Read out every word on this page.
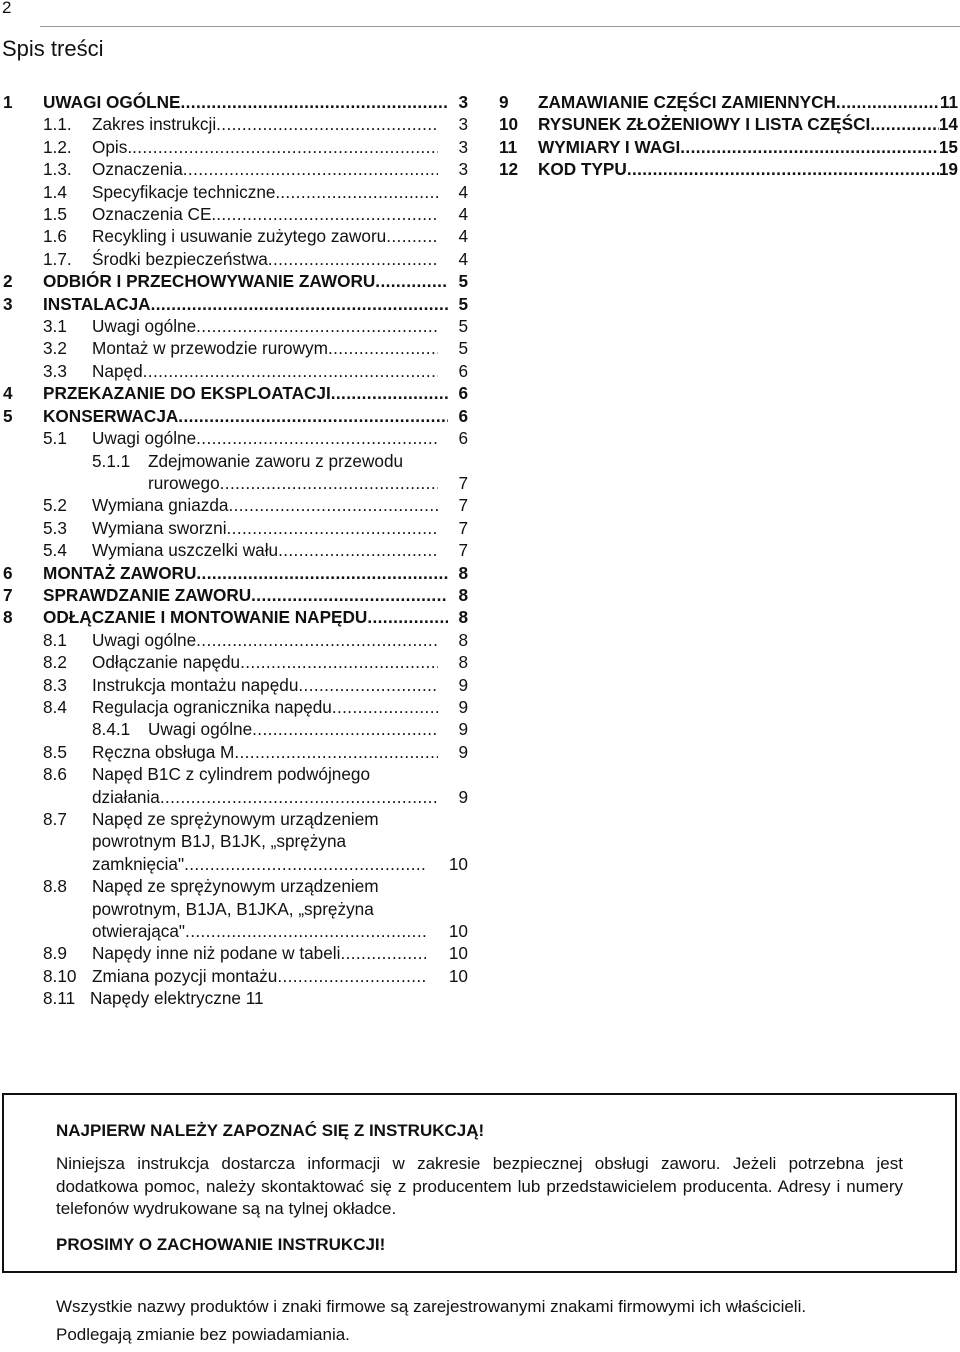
2
Spis treści
1	UWAGI OGÓLNE . . .	3
1.1.	Zakres instrukcji . . .	3
1.2.	Opis. . . .	3
1.3.	Oznaczenia . . .	3
1.4	Specyfikacje techniczne. . . .	4
1.5	Oznaczenia CE. . . .	4
1.6	Recykling i usuwanie zużytego zaworu . . .	4
1.7.	Środki bezpieczeństwa . . .	4
2	ODBIÓR I PRZECHOWYWANIE ZAWORU . . .	5
3	INSTALACJA . . .	5
3.1	Uwagi ogólne . . .	5
3.2	Montaż w przewodzie rurowym . . .	5
3.3	Napęd . . .	6
4	PRZEKAZANIE DO EKSPLOATACJI . . .	6
5	KONSERWACJA . . .	6
5.1	Uwagi ogólne . . .	6
5.1.1	Zdejmowanie zaworu z przewodu
rurowego . . .	7
5.2	Wymiana gniazda . . .	7
5.3	Wymiana sworzni . . .	7
5.4	Wymiana uszczelki wału . . .	7
6	MONTAŻ ZAWORU . . .	8
7	SPRAWDZANIE ZAWORU . . .	8
8	ODŁĄCZANIE I MONTOWANIE NAPĘDU . . .	8
8.1	Uwagi ogólne . . .	8
8.2	Odłączanie napędu . . .	8
8.3	Instrukcja montażu napędu . . .	9
8.4	Regulacja ogranicznika napędu . . .	9
8.4.1	Uwagi ogólne . . .	9
8.5	Ręczna obsługa M . . .	9
8.6	Napęd B1C z cylindrem podwójnego
działania . . .	9
8.7	Napęd ze sprężynowym urządzeniem
powrotnym B1J, B1JK, „sprężyna
zamknięcia" . . .	10
8.8	Napęd ze sprężynowym urządzeniem
powrotnym, B1JA, B1JKA, „sprężyna
otwierająca" . . .	10
8.9	Napędy inne niż podane w tabeli . . .	10
8.10 Zmiana pozycji montażu . . .	10
8.11 Napędy elektryczne 11
9	ZAMAWIANIE CZĘŚCI ZAMIENNYCH . . .	11
10	RYSUNEK ZŁOŻENIOWY I LISTA CZĘŚCI . . .	14
11	WYMIARY I WAGI . . .	15
12	KOD TYPU . . .	19

NAJPIERW NALEŻY ZAPOZNAĆ SIĘ Z INSTRUKCJĄ!

Niniejsza instrukcja dostarcza informacji w zakresie bezpiecznej obsługi zaworu. Jeżeli potrzebna jest dodatkowa pomoc, należy skontaktować się z producentem lub przedstawicielem producenta. Adresy i numery telefonów wydrukowane są na tylnej okładce.

PROSIMY O ZACHOWANIE INSTRUKCJI!

Wszystkie nazwy produktów i znaki firmowe są zarejestrowanymi znakami firmowymi ich właścicieli.
Podlegają zmianie bez powiadamiania.
